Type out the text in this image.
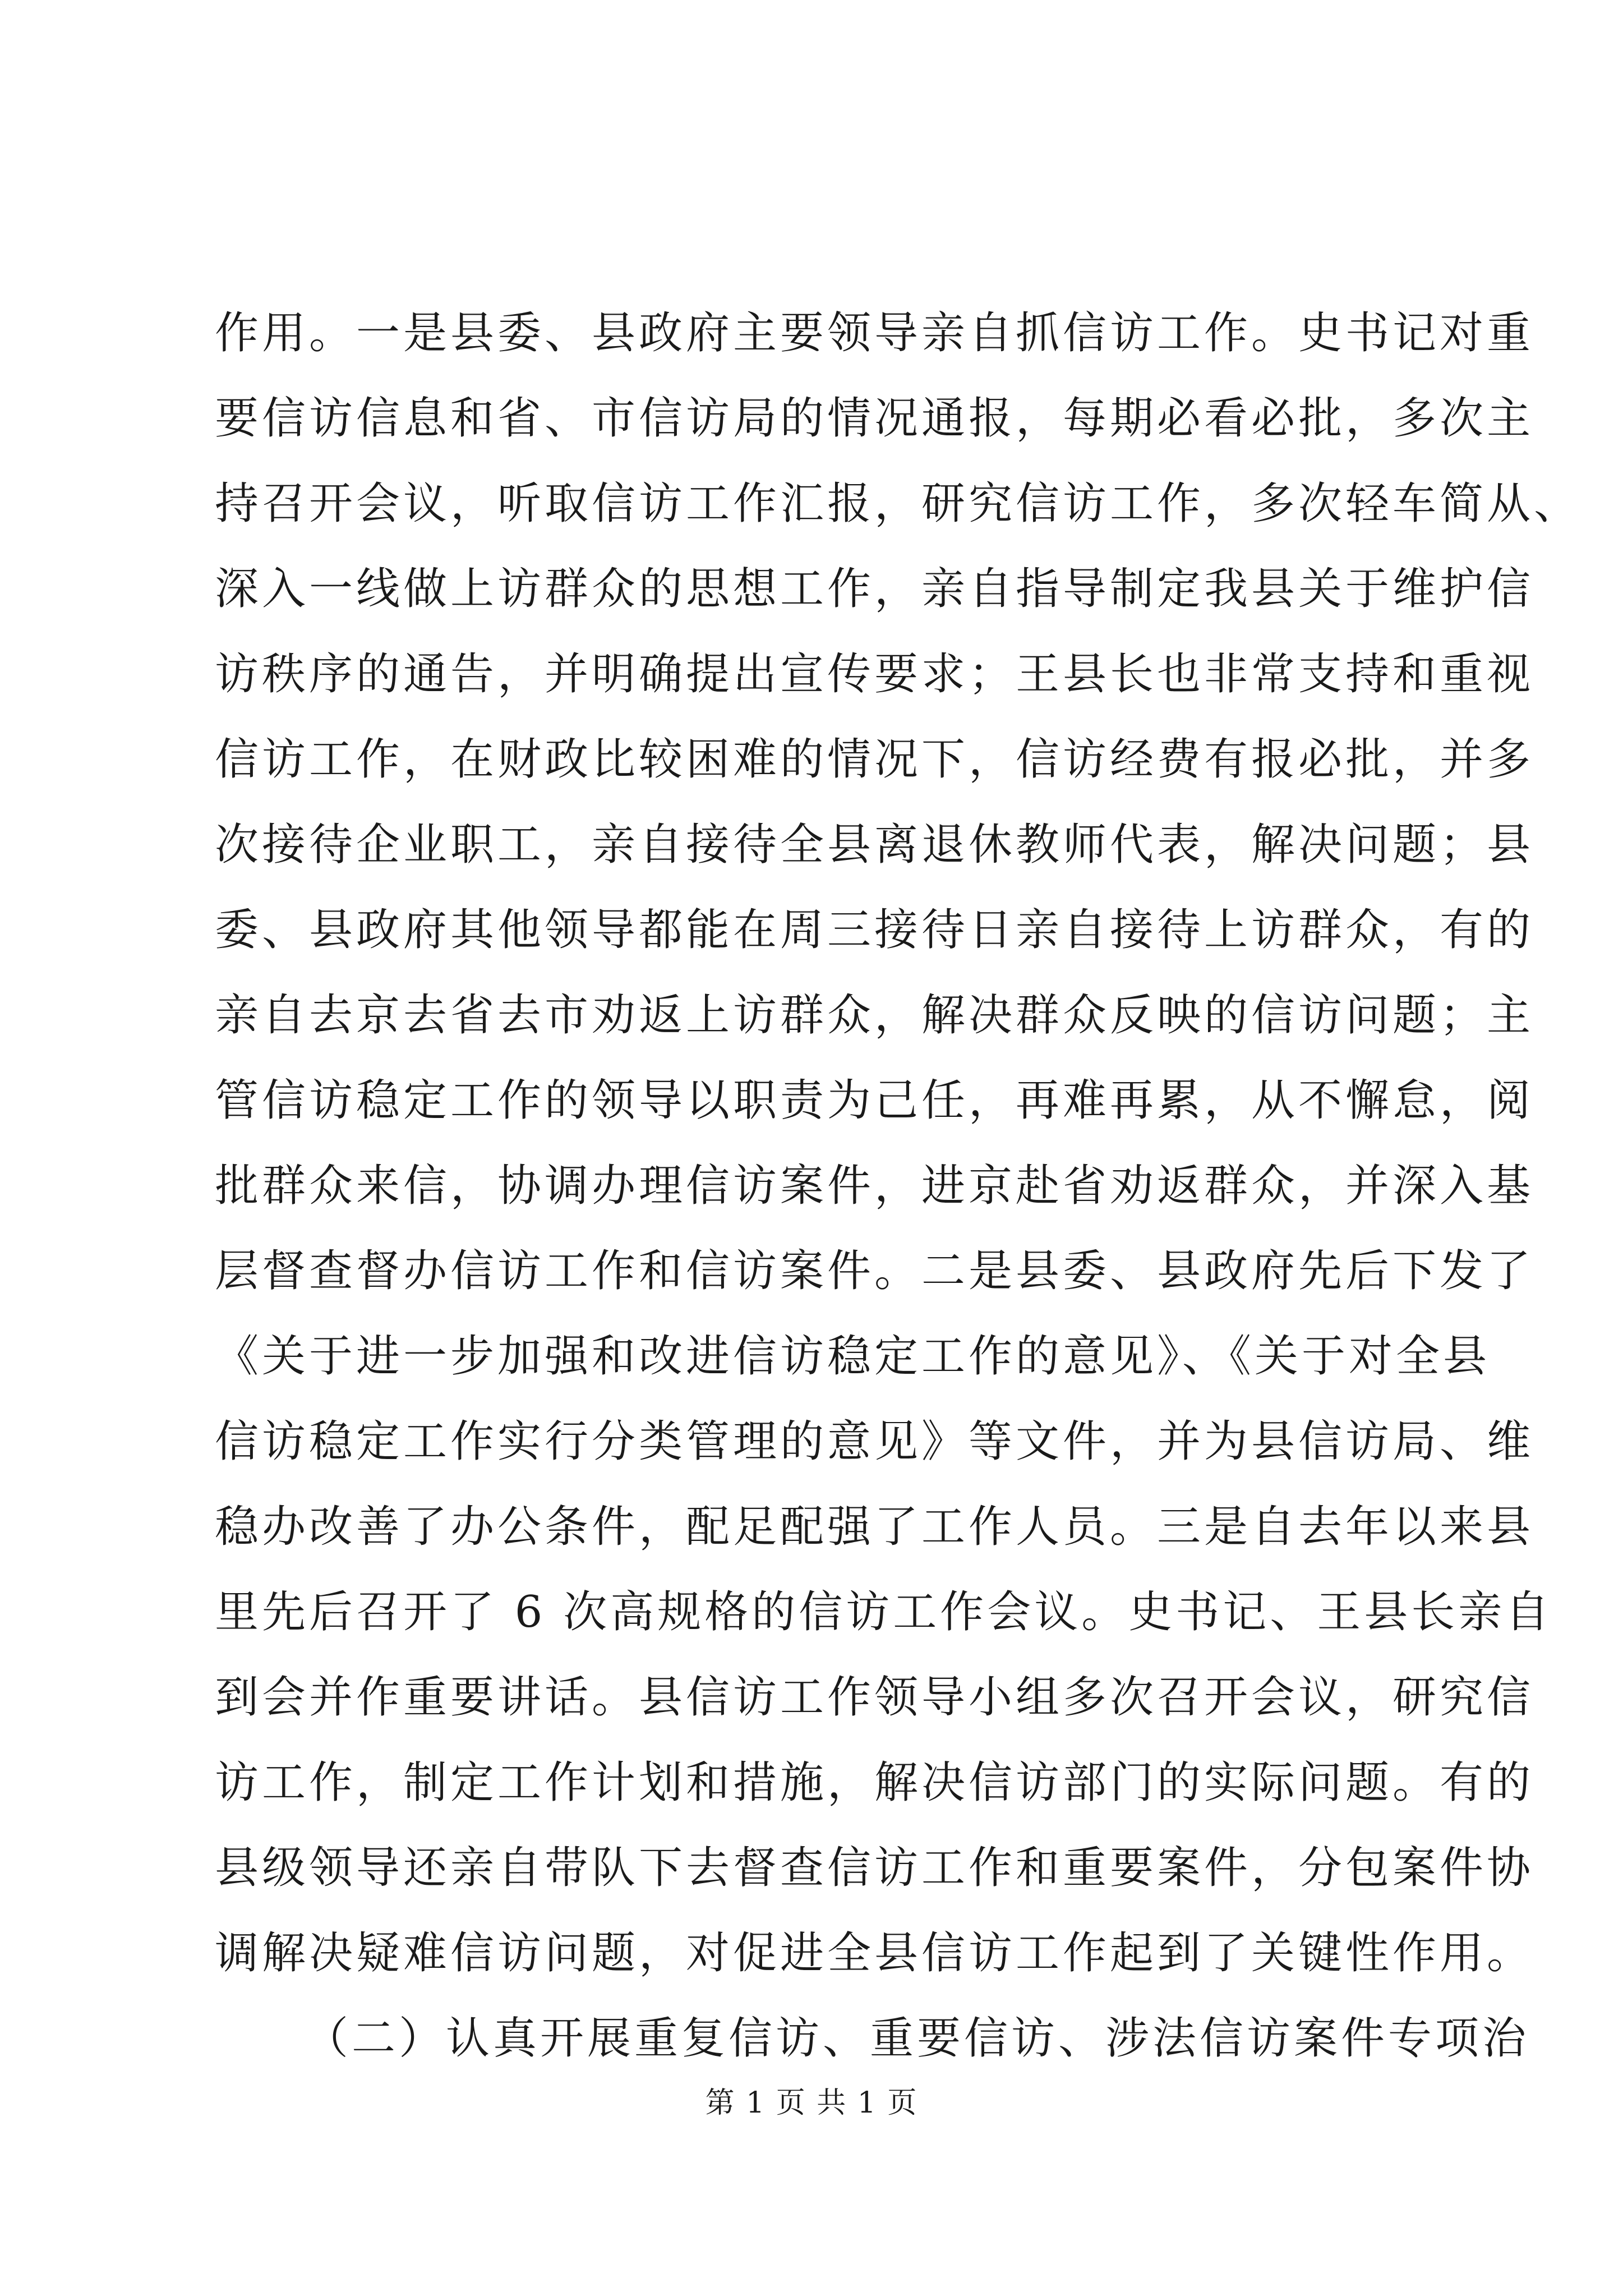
作用。一是县委、县政府主要领导亲自抓信访工作。史书记对重
要信访信息和省、市信访局的情况通报，每期必看必批，多次主
持召开会议，听取信访工作汇报，研究信访工作，多次轻车简从、
深入一线做上访群众的思想工作，亲自指导制定我县关于维护信
访秩序的通告，并明确提出宣传要求；王县长也非常支持和重视
信访工作，在财政比较困难的情况下，信访经费有报必批，并多
次接待企业职工，亲自接待全县离退休教师代表，解决问题；县
委、县政府其他领导都能在周三接待日亲自接待上访群众，有的
亲自去京去省去市劝返上访群众，解决群众反映的信访问题；主
管信访稳定工作的领导以职责为己任，再难再累，从不懈怠，阅
批群众来信，协调办理信访案件，进京赴省劝返群众，并深入基
层督查督办信访工作和信访案件。二是县委、县政府先后下发了
《关于进一步加强和改进信访稳定工作的意见》、《关于对全县
信访稳定工作实行分类管理的意见》等文件，并为县信访局、维
稳办改善了办公条件，配足配强了工作人员。三是自去年以来县
里先后召开了 6 次高规格的信访工作会议。史书记、王县长亲自
到会并作重要讲话。县信访工作领导小组多次召开会议，研究信
访工作，制定工作计划和措施，解决信访部门的实际问题。有的
县级领导还亲自带队下去督查信访工作和重要案件，分包案件协
调解决疑难信访问题，对促进全县信访工作起到了关键性作用。
（二）认真开展重复信访、重要信访、涉法信访案件专项治
第 1 页 共 1 页
